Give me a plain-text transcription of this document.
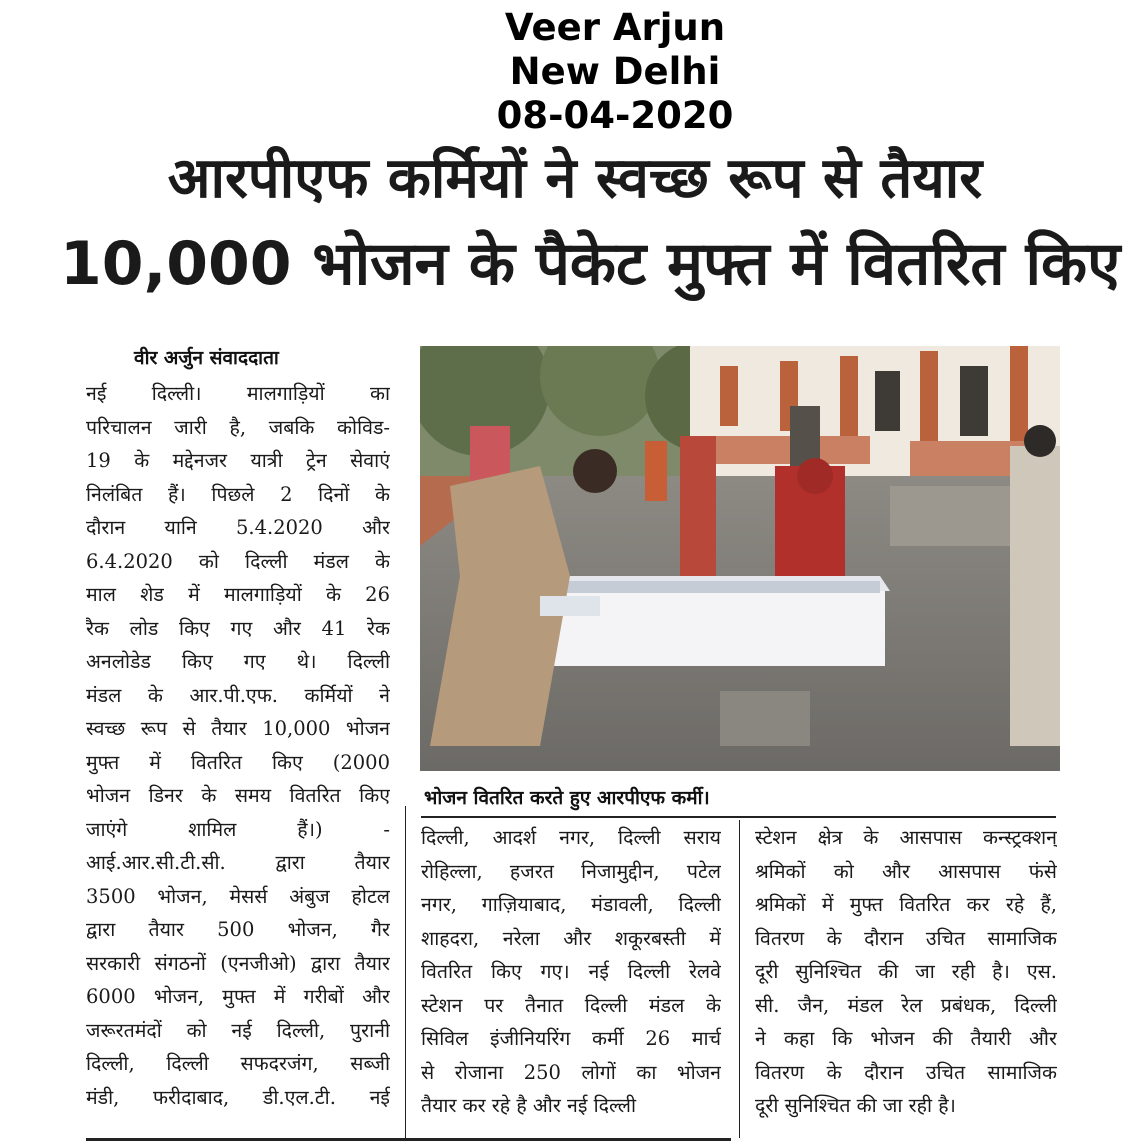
Veer Arjun
New Delhi
08-04-2020
आरपीएफ कर्मियों ने स्वच्छ रूप से तैयार
10,000 भोजन के पैकेट मुफ्त में वितरित किए
वीर अर्जुन संवाददाता
नई दिल्ली। मालगाड़ियों का
परिचालन जारी है, जबकि कोविड-
19 के मद्देनजर यात्री ट्रेन सेवाएं
निलंबित हैं। पिछले 2 दिनों के
दौरान यानि 5.4.2020 और
6.4.2020 को दिल्ली मंडल के
माल शेड में मालगाड़ियों के 26
रैक लोड किए गए और 41 रेक
अनलोडेड किए गए थे। दिल्ली
मंडल के आर.पी.एफ. कर्मियों ने
स्वच्छ रूप से तैयार 10,000 भोजन
मुफ्त में वितरित किए (2000
भोजन डिनर के समय वितरित किए
जाएंगे शामिल हैं।) -
आई.आर.सी.टी.सी. द्वारा तैयार
3500 भोजन, मेसर्स अंबुज होटल
द्वारा तैयार 500 भोजन, गैर
सरकारी संगठनों (एनजीओ) द्वारा तैयार
6000 भोजन, मुफ्त में गरीबों और
जरूरतमंदों को नई दिल्ली, पुरानी
दिल्ली, दिल्ली सफदरजंग, सब्जी
मंडी, फरीदाबाद, डी.एल.टी. नई
भोजन वितरित करते हुए आरपीएफ कर्मी।
दिल्ली, आदर्श नगर, दिल्ली सराय
रोहिल्ला, हजरत निजामुद्दीन, पटेल
नगर, गाज़ियाबाद, मंडावली, दिल्ली
शाहदरा, नरेला और शकूरबस्ती में
वितरित किए गए। नई दिल्ली रेलवे
स्टेशन पर तैनात दिल्ली मंडल के
सिविल इंजीनियरिंग कर्मी 26 मार्च
से रोजाना 250 लोगों का भोजन
तैयार कर रहे है और नई दिल्ली
स्टेशन क्षेत्र के आसपास कन्स्ट्रक्शन्
श्रमिकों को और आसपास फंसे
श्रमिकों में मुफ्त वितरित कर रहे हैं,
वितरण के दौरान उचित सामाजिक
दूरी सुनिश्चित की जा रही है। एस.
सी. जैन, मंडल रेल प्रबंधक, दिल्ली
ने कहा कि भोजन की तैयारी और
वितरण के दौरान उचित सामाजिक
दूरी सुनिश्चित की जा रही है।
